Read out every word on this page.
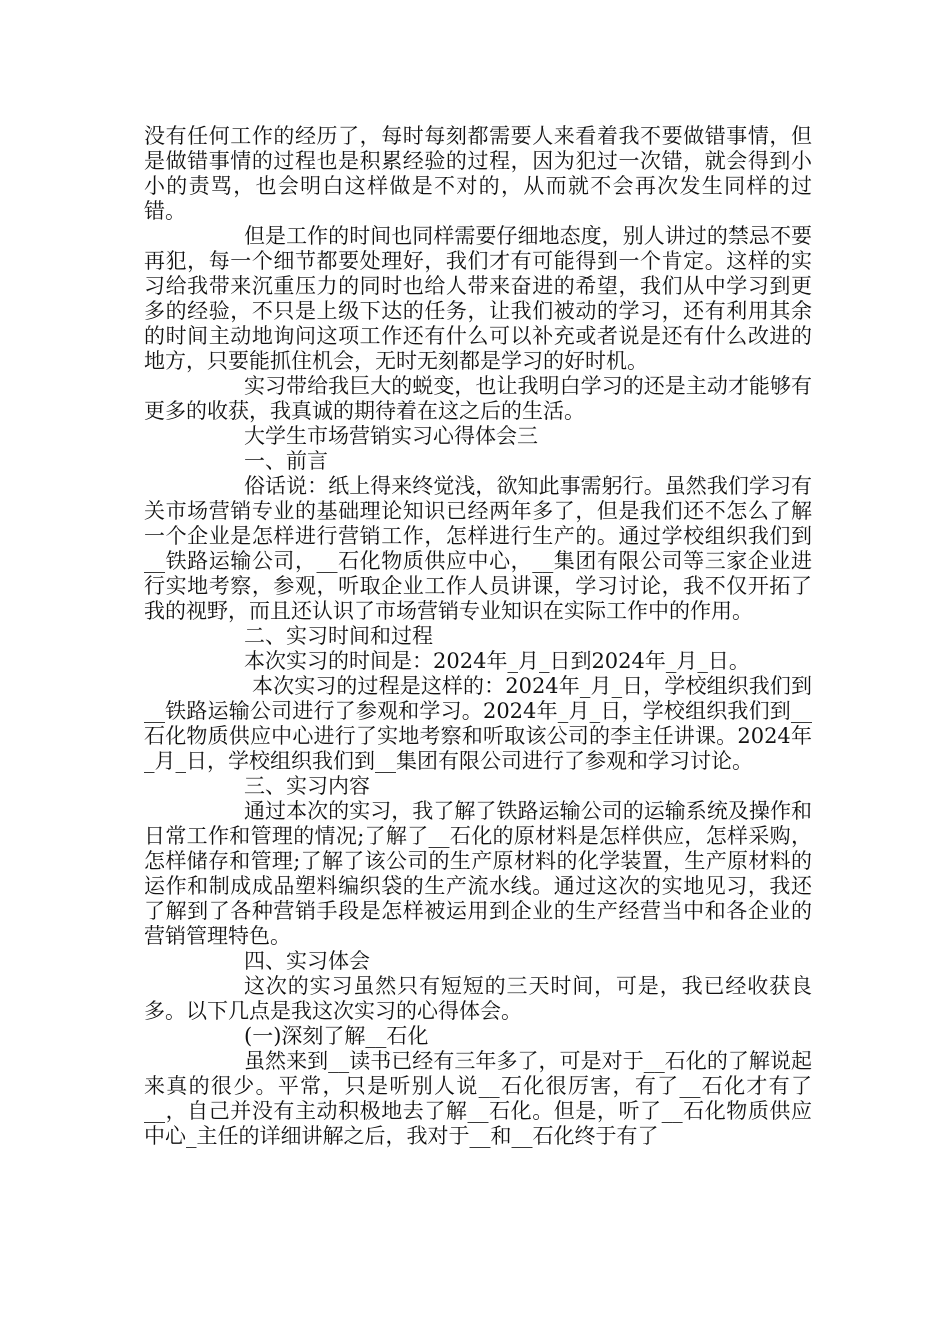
没有任何工作的经历了，每时每刻都需要人来看着我不要做错事情，但是做错事情的过程也是积累经验的过程，因为犯过一次错，就会得到小小的责骂，也会明白这样做是不对的，从而就不会再次发生同样的过错。

但是工作的时间也同样需要仔细地态度，别人讲过的禁忌不要再犯，每一个细节都要处理好，我们才有可能得到一个肯定。这样的实习给我带来沉重压力的同时也给人带来奋进的希望，我们从中学习到更多的经验，不只是上级下达的任务，让我们被动的学习，还有利用其余的时间主动地询问这项工作还有什么可以补充或者说是还有什么改进的地方，只要能抓住机会，无时无刻都是学习的好时机。

实习带给我巨大的蜕变，也让我明白学习的还是主动才能够有更多的收获，我真诚的期待着在这之后的生活。

大学生市场营销实习心得体会三

一、前言

俗话说：纸上得来终觉浅，欲知此事需躬行。虽然我们学习有关市场营销专业的基础理论知识已经两年多了，但是我们还不怎么了解一个企业是怎样进行营销工作，怎样进行生产的。通过学校组织我们到__铁路运输公司，__石化物质供应中心，__集团有限公司等三家企业进行实地考察，参观，听取企业工作人员讲课，学习讨论，我不仅开拓了我的视野，而且还认识了市场营销专业知识在实际工作中的作用。

二、实习时间和过程

本次实习的时间是：2024年_月_日到2024年_月_日。

本次实习的过程是这样的：2024年_月_日，学校组织我们到__铁路运输公司进行了参观和学习。2024年_月_日，学校组织我们到__石化物质供应中心进行了实地考察和听取该公司的李主任讲课。2024年_月_日，学校组织我们到__集团有限公司进行了参观和学习讨论。

三、实习内容

通过本次的实习，我了解了铁路运输公司的运输系统及操作和日常工作和管理的情况;了解了__石化的原材料是怎样供应，怎样采购，怎样储存和管理;了解了该公司的生产原材料的化学装置，生产原材料的运作和制成成品塑料编织袋的生产流水线。通过这次的实地见习，我还了解到了各种营销手段是怎样被运用到企业的生产经营当中和各企业的营销管理特色。

四、实习体会

这次的实习虽然只有短短的三天时间，可是，我已经收获良多。以下几点是我这次实习的心得体会。

(一)深刻了解__石化

虽然来到__读书已经有三年多了，可是对于__石化的了解说起来真的很少。平常，只是听别人说__石化很厉害，有了__石化才有了__，自己并没有主动积极地去了解__石化。但是，听了__石化物质供应中心_主任的详细讲解之后，我对于__和__石化终于有了
